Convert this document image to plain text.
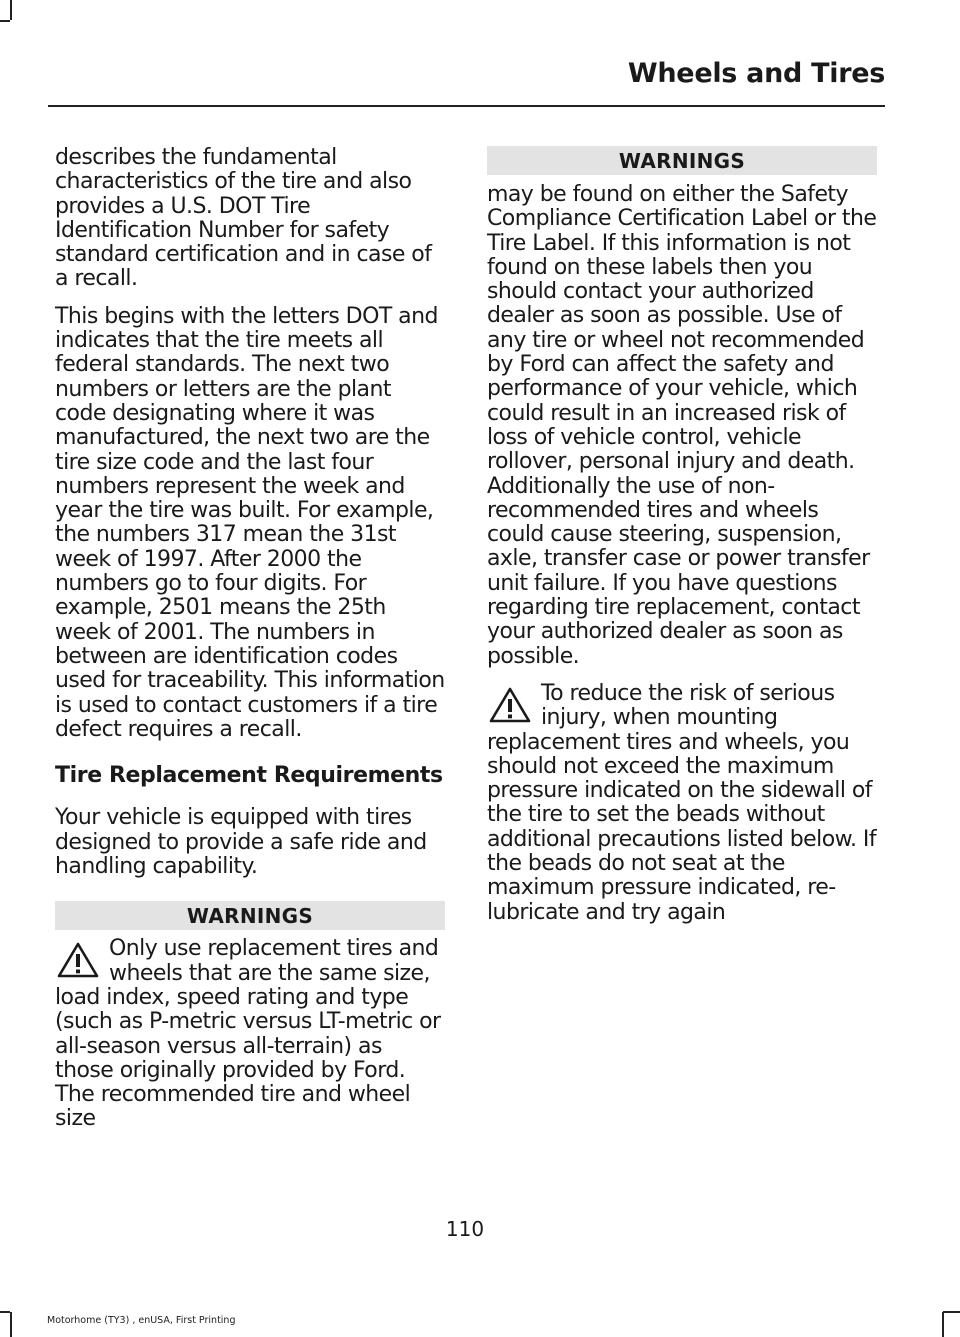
Wheels and Tires

describes the fundamental characteristics of the tire and also provides a U.S. DOT Tire Identification Number for safety standard certification and in case of a recall.

This begins with the letters DOT and indicates that the tire meets all federal standards. The next two numbers or letters are the plant code designating where it was manufactured, the next two are the tire size code and the last four numbers represent the week and year the tire was built. For example, the numbers 317 mean the 31st week of 1997. After 2000 the numbers go to four digits. For example, 2501 means the 25th week of 2001. The numbers in between are identification codes used for traceability. This information is used to contact customers if a tire defect requires a recall.

Tire Replacement Requirements

Your vehicle is equipped with tires designed to provide a safe ride and handling capability.

WARNINGS
Only use replacement tires and wheels that are the same size, load index, speed rating and type (such as P-metric versus LT-metric or all-season versus all-terrain) as those originally provided by Ford. The recommended tire and wheel size
WARNINGS

may be found on either the Safety Compliance Certification Label or the Tire Label. If this information is not found on these labels then you should contact your authorized dealer as soon as possible. Use of any tire or wheel not recommended by Ford can affect the safety and performance of your vehicle, which could result in an increased risk of loss of vehicle control, vehicle rollover, personal injury and death. Additionally the use of non-recommended tires and wheels could cause steering, suspension, axle, transfer case or power transfer unit failure. If you have questions regarding tire replacement, contact your authorized dealer as soon as possible.

To reduce the risk of serious injury, when mounting replacement tires and wheels, you should not exceed the maximum pressure indicated on the sidewall of the tire to set the beads without additional precautions listed below. If the beads do not seat at the maximum pressure indicated, re-lubricate and try again
110
Motorhome (TY3) , enUSA, First Printing
